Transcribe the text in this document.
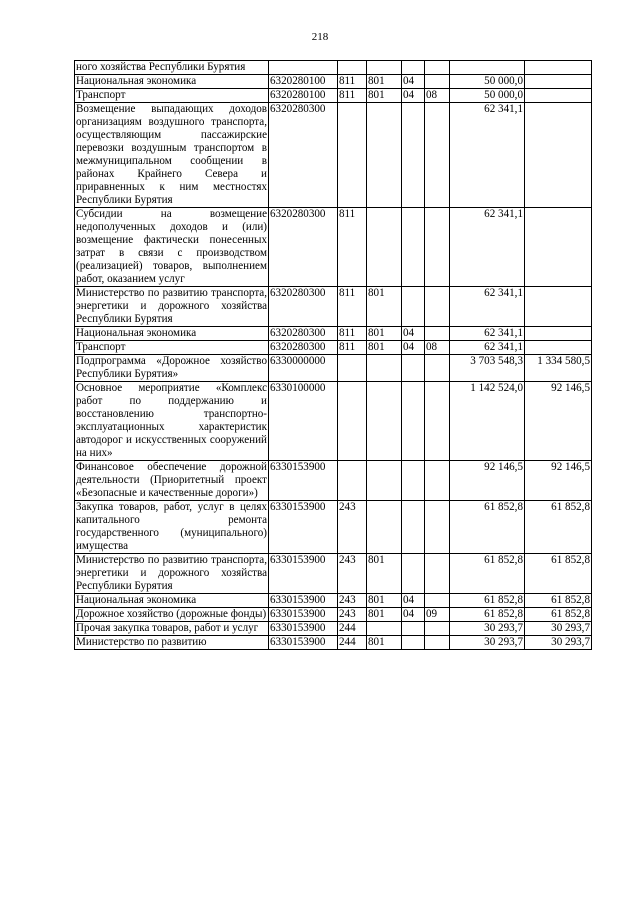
218
ного хозяйства Республики Бурятия							
Национальная экономика	6320280100	811	801	04		50 000,0	
Транспорт	6320280100	811	801	04	08	50 000,0	
Возмещение выпадающих доходов организациям воздушного транспорта, осуществляющим пассажирские перевозки воздушным транспортом в межмуниципальном сообщении в районах Крайнего Севера и приравненных к ним местностях Республики Бурятия	6320280300					62 341,1	
Субсидии на возмещение недополученных доходов и (или) возмещение фактически понесенных затрат в связи с производством (реализацией) товаров, выполнением работ, оказанием услуг	6320280300	811				62 341,1	
Министерство по развитию транспорта, энергетики и дорожного хозяйства Республики Бурятия	6320280300	811	801			62 341,1	
Национальная экономика	6320280300	811	801	04		62 341,1	
Транспорт	6320280300	811	801	04	08	62 341,1	
Подпрограмма «Дорожное хозяйство Республики Бурятия»	6330000000					3 703 548,3	1 334 580,5
Основное мероприятие «Комплекс работ по поддержанию и восстановлению транспортно-эксплуатационных характеристик автодорог и искусственных сооружений на них»	6330100000					1 142 524,0	92 146,5
Финансовое обеспечение дорожной деятельности (Приоритетный проект «Безопасные и качественные дороги»)	6330153900					92 146,5	92 146,5
Закупка товаров, работ, услуг в целях капитального ремонта государственного (муниципального) имущества	6330153900	243				61 852,8	61 852,8
Министерство по развитию транспорта, энергетики и дорожного хозяйства Республики Бурятия	6330153900	243	801			61 852,8	61 852,8
Национальная экономика	6330153900	243	801	04		61 852,8	61 852,8
Дорожное хозяйство (дорожные фонды)	6330153900	243	801	04	09	61 852,8	61 852,8
Прочая закупка товаров, работ и услуг	6330153900	244				30 293,7	30 293,7
Министерство по развитию	6330153900	244	801			30 293,7	30 293,7
